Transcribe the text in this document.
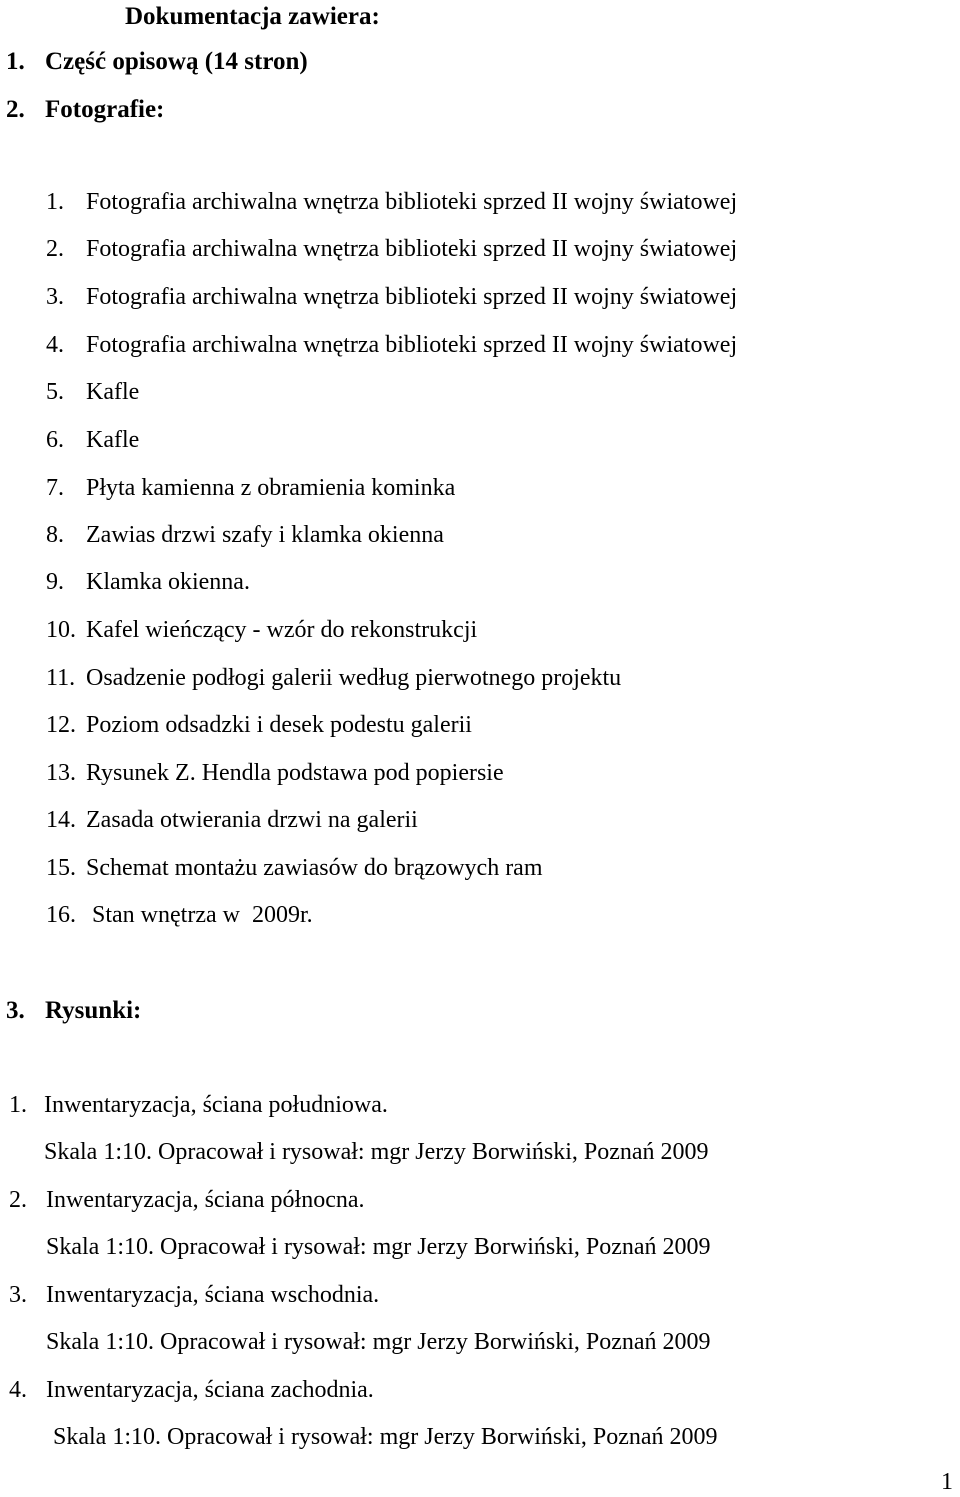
Dokumentacja zawiera:
1. Część opisową (14 stron)
2. Fotografie:
1. Fotografia archiwalna wnętrza biblioteki sprzed II wojny światowej
2. Fotografia archiwalna wnętrza biblioteki sprzed II wojny światowej
3. Fotografia archiwalna wnętrza biblioteki sprzed II wojny światowej
4. Fotografia archiwalna wnętrza biblioteki sprzed II wojny światowej
5. Kafle
6. Kafle
7. Płyta kamienna z obramienia kominka
8. Zawias drzwi szafy i klamka okienna
9. Klamka okienna.
10. Kafel wieńczący - wzór do rekonstrukcji
11. Osadzenie podłogi galerii według pierwotnego projektu
12. Poziom odsadzki i desek podestu galerii
13. Rysunek Z. Hendla podstawa pod popiersie
14. Zasada otwierania drzwi na galerii
15. Schemat montażu zawiasów do brązowych ram
16. Stan wnętrza w  2009r.
3. Rysunki:
1. Inwentaryzacja, ściana południowa.
Skala 1:10. Opracował i rysował: mgr Jerzy Borwiński, Poznań 2009
2. Inwentaryzacja, ściana północna.
Skala 1:10. Opracował i rysował: mgr Jerzy Borwiński, Poznań 2009
3. Inwentaryzacja, ściana wschodnia.
Skala 1:10. Opracował i rysował: mgr Jerzy Borwiński, Poznań 2009
4. Inwentaryzacja, ściana zachodnia.
Skala 1:10. Opracował i rysował: mgr Jerzy Borwiński, Poznań 2009
1
